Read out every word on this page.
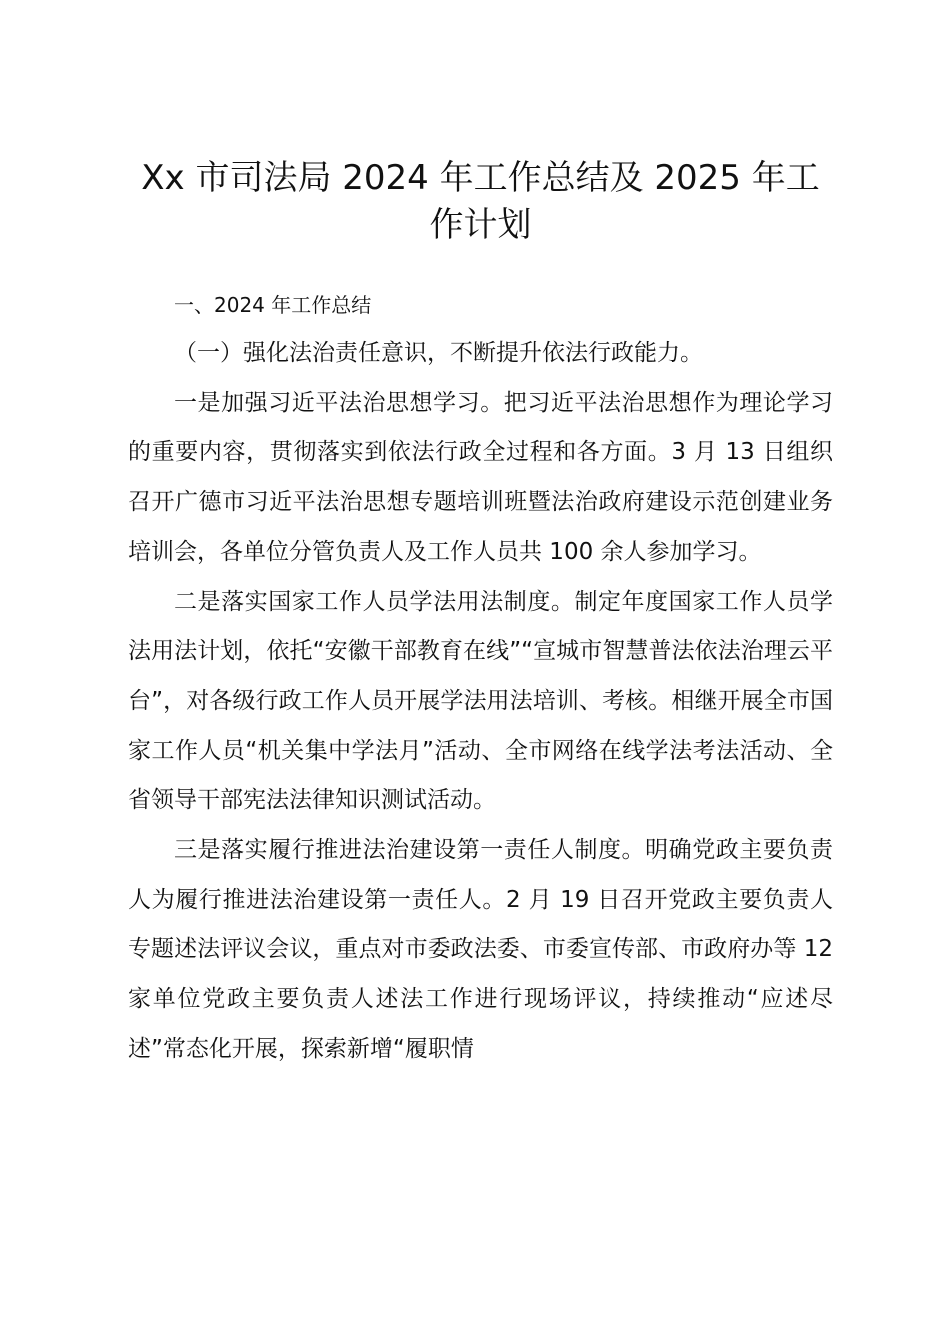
Xx 市司法局 2024 年工作总结及 2025 年工作计划

一、2024 年工作总结

（一）强化法治责任意识，不断提升依法行政能力。

一是加强习近平法治思想学习。把习近平法治思想作为理论学习的重要内容，贯彻落实到依法行政全过程和各方面。3 月 13 日组织召开广德市习近平法治思想专题培训班暨法治政府建设示范创建业务培训会，各单位分管负责人及工作人员共 100 余人参加学习。

二是落实国家工作人员学法用法制度。制定年度国家工作人员学法用法计划，依托“安徽干部教育在线”“宣城市智慧普法依法治理云平台”，对各级行政工作人员开展学法用法培训、考核。相继开展全市国家工作人员“机关集中学法月”活动、全市网络在线学法考法活动、全省领导干部宪法法律知识测试活动。

三是落实履行推进法治建设第一责任人制度。明确党政主要负责人为履行推进法治建设第一责任人。2 月 19 日召开党政主要负责人专题述法评议会议，重点对市委政法委、市委宣传部、市政府办等 12 家单位党政主要负责人述法工作进行现场评议，持续推动“应述尽述”常态化开展，探索新增“履职情
